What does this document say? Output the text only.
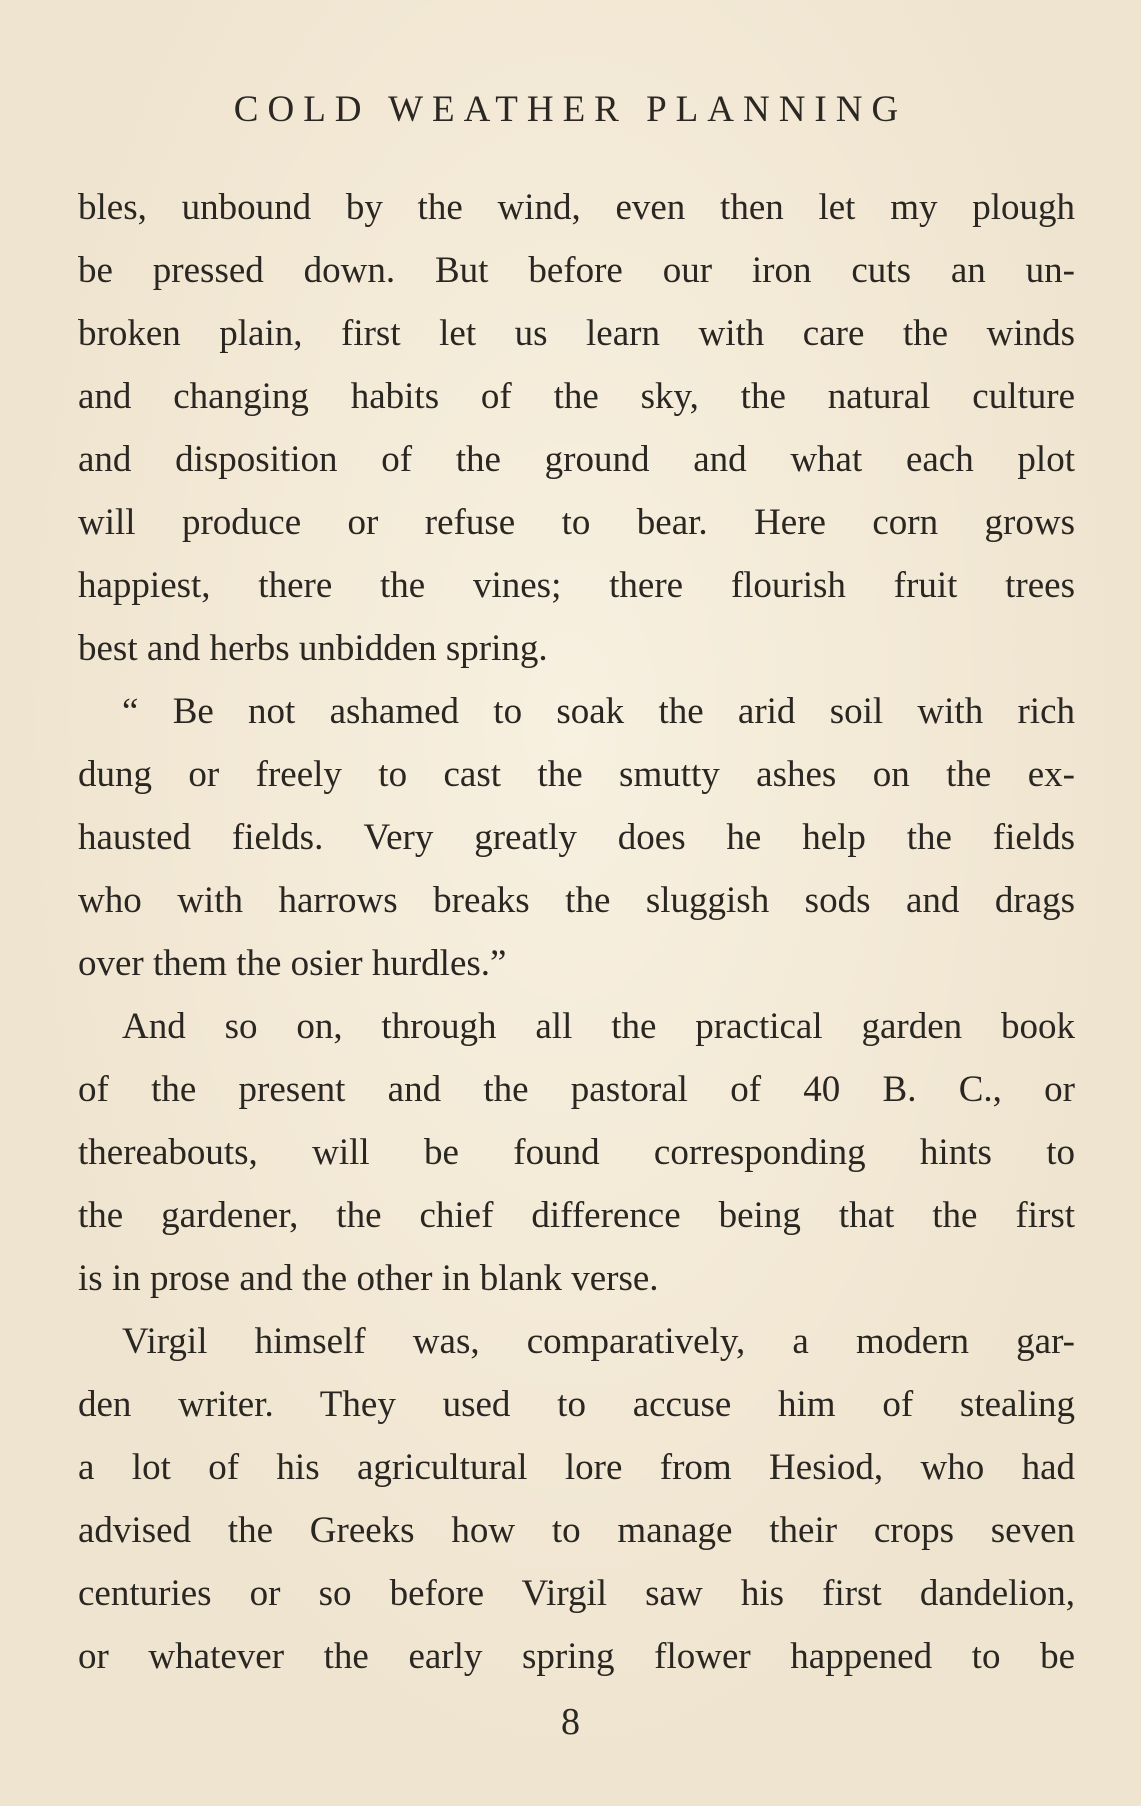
COLD WEATHER PLANNING
bles, unbound by the wind, even then let my plough
be pressed down. But before our iron cuts an un-
broken plain, first let us learn with care the winds
and changing habits of the sky, the natural culture
and disposition of the ground and what each plot
will produce or refuse to bear. Here corn grows
happiest, there the vines; there flourish fruit trees
best and herbs unbidden spring.
“ Be not ashamed to soak the arid soil with rich
dung or freely to cast the smutty ashes on the ex-
hausted fields. Very greatly does he help the fields
who with harrows breaks the sluggish sods and drags
over them the osier hurdles.”
And so on, through all the practical garden book
of the present and the pastoral of 40 B. C., or
thereabouts, will be found corresponding hints to
the gardener, the chief difference being that the first
is in prose and the other in blank verse.
Virgil himself was, comparatively, a modern gar-
den writer. They used to accuse him of stealing
a lot of his agricultural lore from Hesiod, who had
advised the Greeks how to manage their crops seven
centuries or so before Virgil saw his first dandelion,
or whatever the early spring flower happened to be
8
